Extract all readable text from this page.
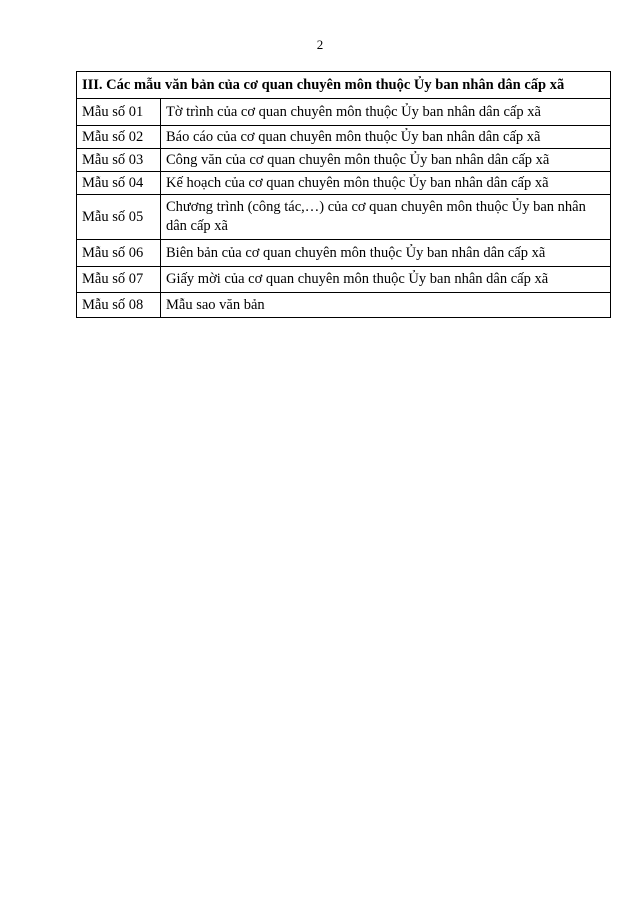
2
III. Các mẫu văn bản của cơ quan chuyên môn thuộc Ủy ban nhân dân cấp xã	
Mẫu số 01	Tờ trình của cơ quan chuyên môn thuộc Ủy ban nhân dân cấp xã
Mẫu số 02	Báo cáo của cơ quan chuyên môn thuộc Ủy ban nhân dân cấp xã
Mẫu số 03	Công văn của cơ quan chuyên môn thuộc Ủy ban nhân dân cấp xã
Mẫu số 04	Kế hoạch của cơ quan chuyên môn thuộc Ủy ban nhân dân cấp xã
Mẫu số 05	Chương trình (công tác,…) của cơ quan chuyên môn thuộc Ủy ban nhân dân cấp xã
Mẫu số 06	Biên bản của cơ quan chuyên môn thuộc Ủy ban nhân dân cấp xã
Mẫu số 07	Giấy mời của cơ quan chuyên môn thuộc Ủy ban nhân dân cấp xã
Mẫu số 08	Mẫu sao văn bản
